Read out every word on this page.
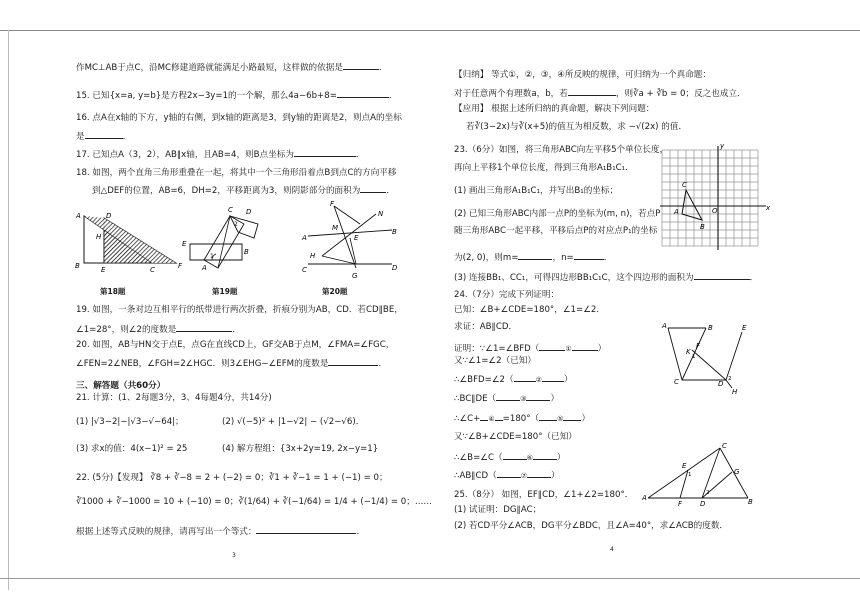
作MC⊥AB于点C，沿MC修建道路就能满足小路最短，这样做的依据是	．
15. 已知{x=a, y=b}是方程2x−3y=1的一个解，那么4a−6b+8=	．
16. 点A在x轴的下方，y轴的右侧，到x轴的距离是3，到y轴的距离是2，则点A的坐标
是	．
17. 已知点A（3，2），AB∥x轴，且AB=4，则B点坐标为	．
18. 如图，两个直角三角形重叠在一起，将其中一个三角形沿着点B到点C的方向平移
到△DEF的位置，AB=6，DH=2，平移距离为3，则阴影部分的面积为	．
A	D
H
B	E	C	F
C D
E
B
A
2
1
F
N
M
A	E
B
H
C
G
D
第18题	第19题	第20题
19. 如图，一条对边互相平行的纸带进行两次折叠，折痕分别为AB，CD．若CD∥BE，
∠1=28°，则∠2的度数是	．
20. 如图，AB与HN交于点E，点G在直线CD上，GF交AB于点M，∠FMA=∠FGC，
∠FEN=2∠NEB，∠FGH=2∠HGC．则3∠EHG−∠EFM的度数是	．
三、解答题（共60分）
21. 计算：(1、2每题3分，3、4每题4分，共14分)
(1) |√3−2|−|√3−√−64|；	(2) √(−5)² + |1−√2| − (√2−√6)．
(3) 求x的值：4(x−1)² = 25	(4) 解方程组：{3x+2y=19, 2x−y=1}
22. (5分)【发现】 ∛8 + ∛−8 = 2 + (−2) = 0；∛1 + ∛−1 = 1 + (−1) = 0；
∛1000 + ∛−1000 = 10 + (−10) = 0；∛(1/64) + ∛(−1/64) = 1/4 + (−1/4) = 0；……
根据上述等式反映的规律，请再写出一个等式：	．
3
【归纳】 等式①，②，③，④所反映的规律，可归纳为一个真命题：
对于任意两个有理数a，b，若	，则∛a + ∛b = 0；反之也成立．
【应用】 根据上述所归纳的真命题，解决下列问题：
若∛(3−2x)与∛(x+5)的值互为相反数，求 −√(2x) 的值．
23.（6分）如图，将三角形ABC向左平移5个单位长度，
再向上平移1个单位长度，得到三角形A₁B₁C₁．
(1) 画出三角形A₁B₁C₁，并写出B₁的坐标；
(2) 已知三角形ABC内部一点P的坐标为(m, n)，若点P
随三角形ABC一起平移，平移后点P的对应点P₁的坐标
为(2, 0)，则m=	，n=	．
(3) 连接BB₁、CC₁，可得四边形BB₁C₁C，这个四边形的面积为	．
y
C
A	O	x
B
24.（7分）完成下列证明：
已知：∠B+∠CDE=180°，∠1=∠2．
求证：AB∥CD．
证明：∵∠1=∠BFD（	①	）
又∵∠1=∠2（已知）
∴∠BFD=∠2（	②	）
∴BC∥DE（	③	）
∴∠C+ ④ =180°（	⑤ ）
又∵∠B+∠CDE=180°（已知）
∴∠B=∠C（	⑥	）
∴AB∥CD（	⑦	）
A	B
F
K
1
E
C	D
2
H
25.（8分） 如图，EF∥CD，∠1+∠2=180°．
(1) 试证明：DG∥AC；
(2) 若CD平分∠ACB，DG平分∠BDC，且∠A=40°，求∠ACB的度数．
C
E
G
1
A
F	D	B
2
4
